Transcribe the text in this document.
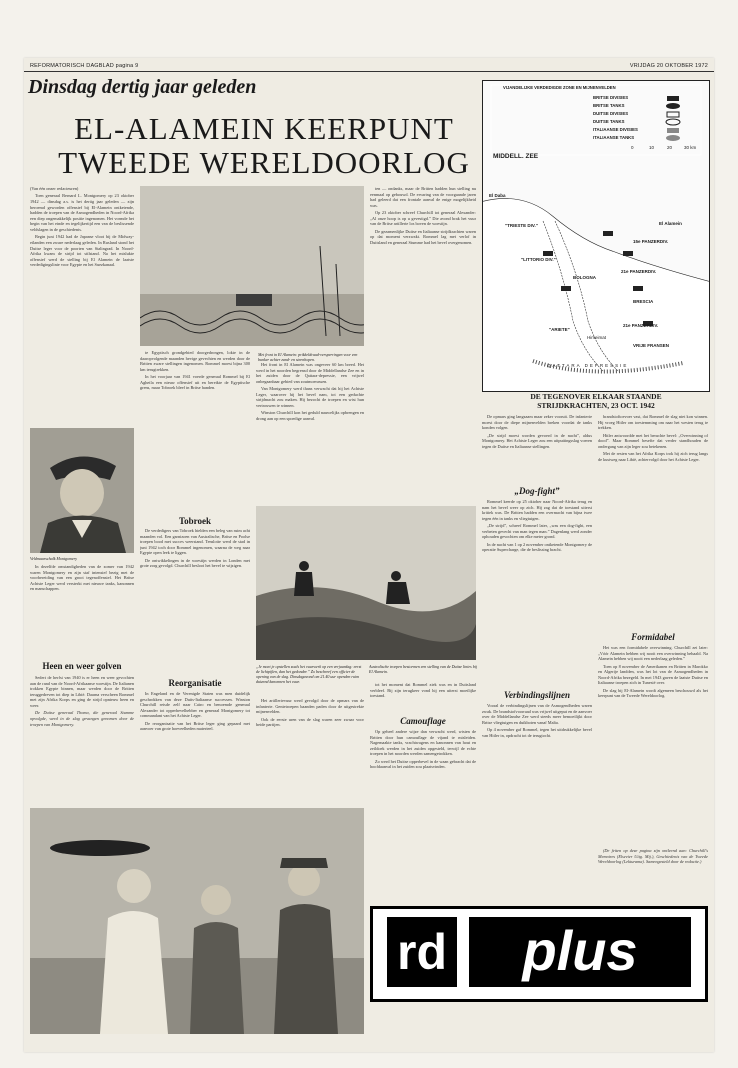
REFORMATORISCH DAGBLAD pagina 9	VRIJDAG 20 OKTOBER 1972
Dinsdag dertig jaar geleden
EL-ALAMEIN KEERPUNT
TWEEDE WERELDOORLOG

(Van één onzer redacteuren)

Toen generaal Bernard L. Montgomery op 23 oktober 1942 — dinsdag a.s. is het dertig jaar geleden — zijn beroemd geworden offensief bij El-Alamein ontketende, hadden de troepen van de Asmogendheden in Noord-Afrika een diep ongemakkelijk positie ingenomen. Het vormde het begin van het einde en tegelijkertijd een van de beslissende veldslagen in de geschiedenis.

Begin juni 1942 had de Japanse vloot bij de Midway-eilanden een zware nederlaag geleden. In Rusland stond het Duitse leger voor de poorten van Stalingrad. In Noord-Afrika kwam de strijd tot stilstand. Na het mislukte offensief werd de stelling bij El Alamein de laatste verdedigingslinie voor Egypte en het Suezkanaal.

Veldmaarschalk Montgomery

In dezelfde omstandigheden van de zomer van 1942 waren Montgomery en zijn staf intensief bezig met de voorbereiding van een groot tegenoffensief. Het Britse Achtste Leger werd versterkt met nieuwe tanks, kanonnen en manschappen.

Heen en weer golven

Sedert de herfst van 1940 is er heen en weer gevochten aan de rand van de Noord-Afrikaanse woestijn. De Italianen trokken Egypte binnen, maar werden door de Britten teruggedreven tot diep in Libië. Daarna verscheen Rommel met zijn Afrika Korps en ging de strijd opnieuw heen en weer.

De Duitse generaal Thoma, die generaal Stumme opvolgde, werd in de slag gevangen genomen door de troepen van Montgomery.

Met front in El Alamein: prikkeldraad-versperringen voor een bunker achter zand- en steenhopen.

te Egyptisch grondgebied doorgedrongen, lokte in de daaropvolgende maanden hevige gevechten en werden door de Britten zware stellingen ingenomen. Rommel moest bijna 300 km terugtrekken.

In het voorjaar van 1941 voerde generaal Rommel bij El Agheila een nieuw offensief uit en bereikte de Egyptische grens, maar Tobroek bleef in Britse handen.

Tobroek

De verdedigers van Tobroek hielden een beleg van ruim acht maanden vol. Een garnizoen van Australische, Britse en Poolse troepen bood met succes weerstand. Tenslotte werd de stad in juni 1942 toch door Rommel ingenomen, waarna de weg naar Egypte open leek te liggen.

De ontwikkelingen in de woestijn werden in Londen met grote zorg gevolgd. Churchill besloot het bevel te wijzigen.

Reorganisatie

In Engeland en de Verenigde Staten was men duidelijk geschrokken van deze Duits-Italiaanse successen. Winston Churchill reisde zelf naar Caïro en benoemde generaal Alexander tot opperbevelhebber en generaal Montgomery tot commandant van het Achtste Leger.

De reorganisatie van het Britse leger ging gepaard met aanvoer van grote hoeveelheden materieel.

Het front in El Alamein was ongeveer 60 km breed. Het werd in het noorden begrensd door de Middellandse Zee en in het zuiden door de Qattara-depressie, een vrijwel onbegaanbaar gebied van zoutmoerassen.

Van Montgomery werd thans verwacht dat hij het Achtste Leger, waarover hij het bevel nam, tot een geduchte strijdmacht zou maken. Hij bezocht de troepen en wist hun vertrouwen te winnen.

Winston Churchill kon het geduld nauwelijks opbrengen en drong aan op een spoedige aanval.

„Je moet je opstellen zoals het vuurwerk op een verjaardag: eerst de lichtpijlen, dan het gedonder.” Zo beschreef een officier de opening van de slag. Dinsdagavond om 21.40 uur openden ruim duizend kanonnen het vuur.
Australische troepen bestormen een stelling van de Duitse linies bij El Alamein.

Het artillerievuur werd gevolgd door de opmars van de infanterie. Genietroepen baanden paden door de uitgestrekte mijnenvelden.

Ook de eerste uren van de slag waren zeer zwaar voor beide partijen.

ten — ondanks, maar de Britten hadden hun stelling nu eenmaal op gebouwd. De ervaring van de voorgaande jaren had geleerd dat een frontale aanval de enige mogelijkheid was.

Op 23 oktober schreef Churchill tot generaal Alexander: „Al onze hoop is op u gevestigd.” Die avond brak het vuur van de Britse artillerie los boven de woestijn.

De gezamenlijke Duitse en Italiaanse strijdkrachten waren op dat moment verzwakt. Rommel lag met verlof in Duitsland en generaal Stumme had het bevel overgenomen.

tot het moment dat Rommel ziek was en in Duitsland verbleef. Bij zijn terugkeer vond hij een uiterst moeilijke toestand.

Camouflage

Op geheel andere wijze dan verwacht werd, wisten de Britten door hun camouflage de vijand te misleiden. Nagemaakte tanks, vrachtwagens en kanonnen van hout en zeildoek werden in het zuiden opgesteld, terwijl de echte troepen in het noorden werden samengetrokken.

Zo werd het Duitse opperbevel in de waan gebracht dat de hoofdaanval in het zuiden zou plaatsvinden.

VIJANDELIJKE VERDEDIGDE ZONE EN MIJNENVELDEN
BRITSE DIVISIES
BRITSE TANKS
DUITSE DIVISIES
DUITSE TANKS
ITALIAANSE DIVISIES
ITALIAANSE TANKS
0	10	20	30 km
MIDDELL. ZEE
El Daba
"TRIESTE DIV."
"LITTORIO DIV."
15e PANZERDIV.
21e PANZERDIV.
BOLOGNA
BRESCIA
"ARIETE"
VRIJE FRANSEN
El Alamein
Himeimat
21e PANZERDIV.
QATTARA DEPRESSIE
DE TEGENOVER ELKAAR STAANDE
STRIJDKRACHTEN, 23 OCT. 1942

De opmars ging langzaam maar zeker vooruit. De infanterie moest door de diepe mijnenvelden breken voordat de tanks konden volgen.

„De strijd moest worden gevoerd in de nacht”, aldus Montgomery. Het Achtste Leger zou een uitputtingsslag voeren tegen de Duitse en Italiaanse stellingen.

„Dog-fight”

Rommel keerde op 25 oktober naar Noord-Afrika terug en nam het bevel weer op zich. Hij zag dat de toestand uiterst kritiek was. De Britten hadden een overmacht van bijna twee tegen één in tanks en vliegtuigen.

„De strijd”, schreef Rommel later, „was een dog-fight, een verbeten gevecht van man tegen man.” Dagenlang werd zonder ophouden gevochten om elke meter grond.

In de nacht van 1 op 2 november ontketende Montgomery de operatie Supercharge, die de beslissing bracht.

Verbindingslijnen

Vooral de verbindingslijnen van de Asmogendheden waren zwak. De brandstofvoorraad was vrijwel uitgeput en de aanvoer over de Middellandse Zee werd steeds meer bemoeilijkt door Britse vliegtuigen en duikboten vanaf Malta.

Op 4 november gaf Rommel, tegen het uitdrukkelijke bevel van Hitler in, opdracht tot de terugtocht.

brandstoftoevoer vast, dat Rommel de slag niet kon winnen. Hij vroeg Hitler om toestemming om naar het westen terug te trekken.

Hitler antwoordde met het beruchte bevel: „Overwinning of dood”. Maar Rommel besefte dat verder standhouden de ondergang van zijn leger zou betekenen.

Met de resten van het Afrika Korps trok hij zich terug langs de kustweg naar Libië, achtervolgd door het Achtste Leger.

Formidabel

Het was een formidabele overwinning. Churchill zei later: „Vóór Alamein hebben wij nooit een overwinning behaald. Na Alamein hebben wij nooit een nederlaag geleden.”

Toen op 8 november de Amerikanen en Britten in Marokko en Algerije landden, was het lot van de Asmogendheden in Noord-Afrika bezegeld. In mei 1943 gaven de laatste Duitse en Italiaanse troepen zich in Tunesië over.

De slag bij El-Alamein wordt algemeen beschouwd als het keerpunt van de Tweede Wereldoorlog.

(De feiten op deze pagina zijn ontleend aan: Churchill's Memoires (Elsevier Uitg. Mij.), Geschiedenis van de Tweede Wereldoorlog (Lekturama). Samengesteld door de redactie.)

rd	plus
